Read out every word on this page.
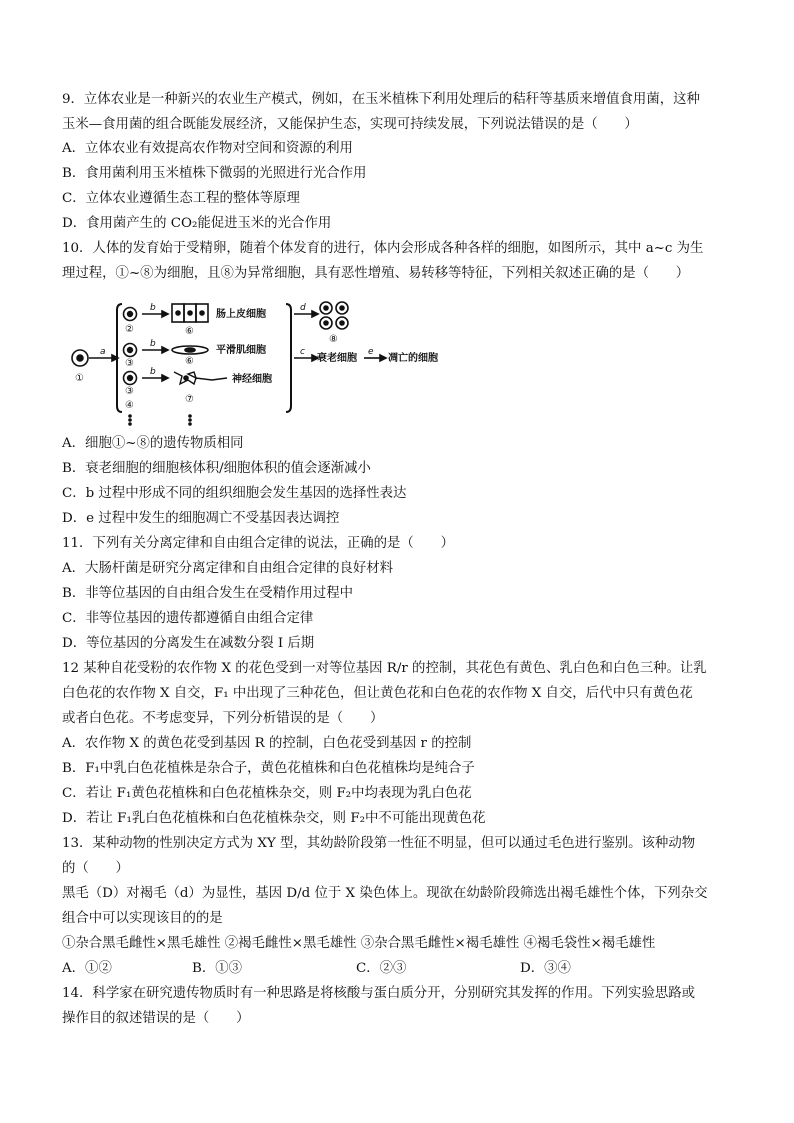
9．立体农业是一种新兴的农业生产模式，例如，在玉米植株下利用处理后的秸秆等基质来增值食用菌，这种
玉米—食用菌的组合既能发展经济，又能保护生态，实现可持续发展，下列说法错误的是（　　）
A．立体农业有效提高农作物对空间和资源的利用
B．食用菌利用玉米植株下微弱的光照进行光合作用
C．立体农业遵循生态工程的整体等原理
D．食用菌产生的 CO₂能促进玉米的光合作用
10．人体的发育始于受精卵，随着个体发育的进行，体内会形成各种各样的细胞，如图所示，其中 a~c 为生
理过程，①~⑧为细胞，且⑧为异常细胞，具有恶性增殖、易转移等特征，下列相关叙述正确的是（　　）
①
②
③
③
④
⑥
⑥
⑦
⑧
a
b
b
b
d
c	e
肠上皮细胞
平滑肌细胞
神经细胞
衰老细胞	凋亡的细胞
A．细胞①~⑧的遗传物质相同
B．衰老细胞的细胞核体积/细胞体积的值会逐渐减小
C．b 过程中形成不同的组织细胞会发生基因的选择性表达
D．e 过程中发生的细胞凋亡不受基因表达调控
11．下列有关分离定律和自由组合定律的说法，正确的是（　　）
A．大肠杆菌是研究分离定律和自由组合定律的良好材料
B．非等位基因的自由组合发生在受精作用过程中
C．非等位基因的遗传都遵循自由组合定律
D．等位基因的分离发生在减数分裂 I 后期
12 某种自花受粉的农作物 X 的花色受到一对等位基因 R/r 的控制，其花色有黄色、乳白色和白色三种。让乳
白色花的农作物 X 自交，F₁ 中出现了三种花色，但让黄色花和白色花的农作物 X 自交，后代中只有黄色花
或者白色花。不考虑变异，下列分析错误的是（　　）
A．农作物 X 的黄色花受到基因 R 的控制，白色花受到基因 r 的控制
B．F₁中乳白色花植株是杂合子，黄色花植株和白色花植株均是纯合子
C．若让 F₁黄色花植株和白色花植株杂交，则 F₂中均表现为乳白色花
D．若让 F₁乳白色花植株和白色花植株杂交，则 F₂中不可能出现黄色花
13．某种动物的性别决定方式为 XY 型，其幼龄阶段第一性征不明显，但可以通过毛色进行鉴别。该种动物
的（　　）
黑毛（D）对褐毛（d）为显性，基因 D/d 位于 X 染色体上。现欲在幼龄阶段筛选出褐毛雄性个体，下列杂交
组合中可以实现该目的的是
①杂合黑毛雌性×黑毛雄性 ②褐毛雌性×黑毛雄性 ③杂合黑毛雌性×褐毛雄性 ④褐毛袋性×褐毛雄性
A．①②	B．①③	C．②③	D．③④
14．科学家在研究遗传物质时有一种思路是将核酸与蛋白质分开，分别研究其发挥的作用。下列实验思路或
操作目的叙述错误的是（　　）
